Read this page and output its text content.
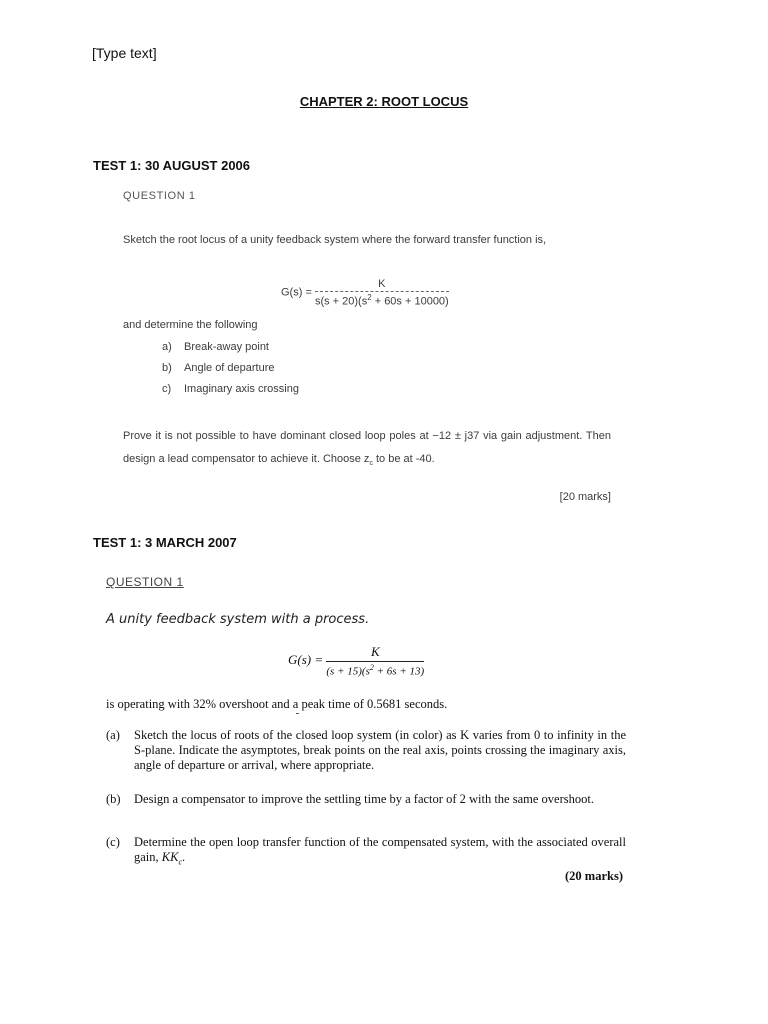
[Type text]
CHAPTER 2: ROOT LOCUS
TEST 1: 30 AUGUST 2006
QUESTION 1
Sketch the root locus of a unity feedback system where the forward transfer function is,
$G(s) = \frac{K}{s(s + 20)(s^2 + 60s + 10000)}$
and determine the following
a) Break-away point
b) Angle of departure
c) Imaginary axis crossing
Prove it is not possible to have dominant closed loop poles at −12 ± j37 via gain adjustment. Then design a lead compensator to achieve it. Choose $z_c$ to be at -40.
[20 marks]
TEST 1: 3 MARCH 2007
QUESTION 1
A unity feedback system with a process.
$G(s) = \frac{K}{(s + 15)(s^2 + 6s + 13)}$
is operating with 32% overshoot and a peak time of 0.5681 seconds.
(a) Sketch the locus of roots of the closed loop system (in color) as K varies from 0 to infinity in the S-plane. Indicate the asymptotes, break points on the real axis, points crossing the imaginary axis, angle of departure or arrival, where appropriate.
(b) Design a compensator to improve the settling time by a factor of 2 with the same overshoot.
(c) Determine the open loop transfer function of the compensated system, with the associated overall gain, $KK_c$.
(20 marks)
